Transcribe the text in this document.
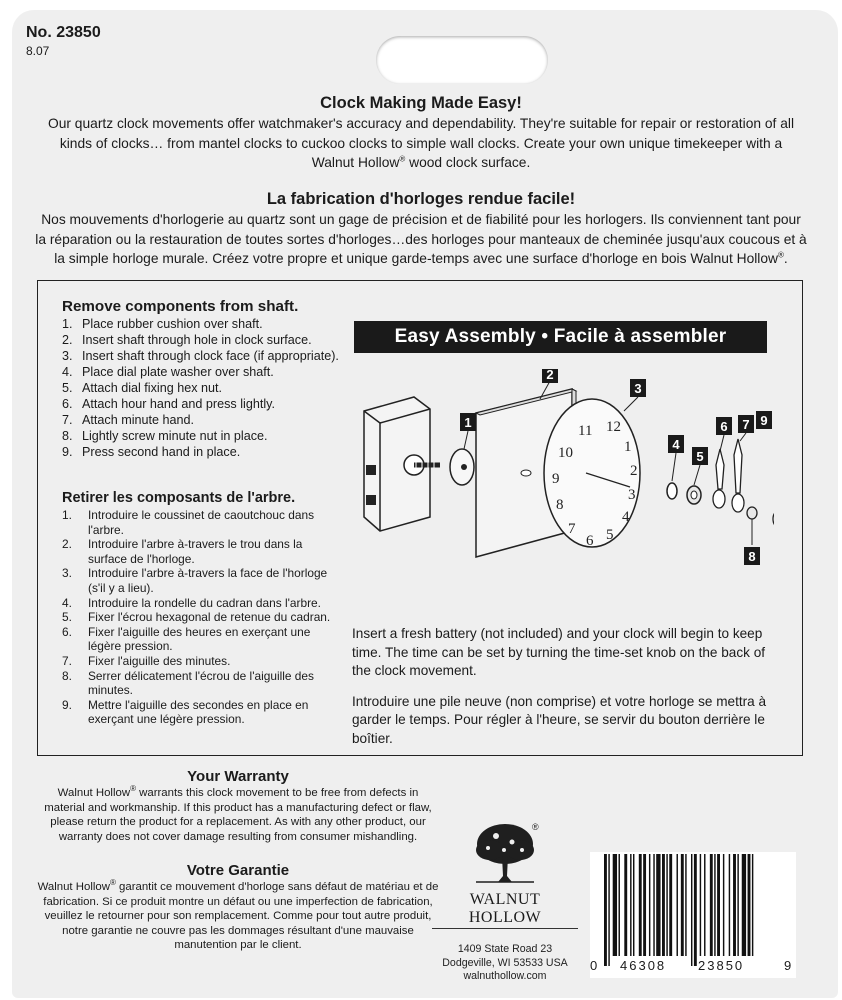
No. 23850
8.07
Clock Making Made Easy!

Our quartz clock movements offer watchmaker's accuracy and dependability. They're suitable for repair or restoration of all

kinds of clocks… from mantel clocks to cuckoo clocks to simple wall clocks. Create your own unique timekeeper with a

Walnut Hollow® wood clock surface.

La fabrication d'horloges rendue facile!

Nos mouvements d'horlogerie au quartz sont un gage de précision et de fiabilité pour les horlogers. Ils conviennent tant pour

la réparation ou la restauration de toutes sortes d'horloges…des horloges pour manteaux de cheminée jusqu'aux coucous et à

la simple horloge murale. Créez votre propre et unique garde-temps avec une surface d'horloge en bois Walnut Hollow®.

Remove components from shaft.
1. Place rubber cushion over shaft.
2. Insert shaft through hole in clock surface.
3. Insert shaft through clock face (if appropriate).
4. Place dial plate washer over shaft.
5. Attach dial fixing hex nut.
6. Attach hour hand and press lightly.
7. Attach minute hand.
8. Lightly screw minute nut in place.
9. Press second hand in place.
Retirer les composants de l'arbre.
1. Introduire le coussinet de caoutchouc dans l'arbre.
2. Introduire l'arbre à-travers le trou dans la surface de l'horloge.
3. Introduire l'arbre à-travers la face de l'horloge (s'il y a lieu).
4. Introduire la rondelle du cadran dans l'arbre.
5. Fixer l'écrou hexagonal de retenue du cadran.
6. Fixer l'aiguille des heures en exerçant une légère pression.
7. Fixer l'aiguille des minutes.
8. Serrer délicatement l'écrou de l'aiguille des minutes.
9. Mettre l'aiguille des secondes en place en exerçant une légère pression.
Easy Assembly • Facile à assembler
12
1
2
3
4
5
6
7
8
9
10
11
1
2
3
4
5
6 7
8
9

Insert a fresh battery (not included) and your clock will begin to keep time. The time can be set by turning the time-set knob on the back of the clock movement.

Introduire une pile neuve (non comprise) et votre horloge se mettra à garder le temps. Pour régler à l'heure, se servir du bouton derrière le boîtier.

Your Warranty

Walnut Hollow® warrants this clock movement to be free from defects in material and workmanship. If this product has a manufacturing defect or flaw, please return the product for a replacement. As with any other product, our warranty does not cover damage resulting from consumer mishandling.

Votre Garantie

Walnut Hollow® garantit ce mouvement d'horloge sans défaut de matériau et de fabrication. Si ce produit montre un défaut ou une imperfection de fabrication, veuillez le retourner pour son remplacement. Comme pour tout autre produit, notre garantie ne couvre pas les dommages résultant d'une mauvaise manutention par le client.

®
WALNUT HOLLOW
1409 State Road 23
Dodgeville, WI 53533 USA
walnuthollow.com
0 46308 23850	9
